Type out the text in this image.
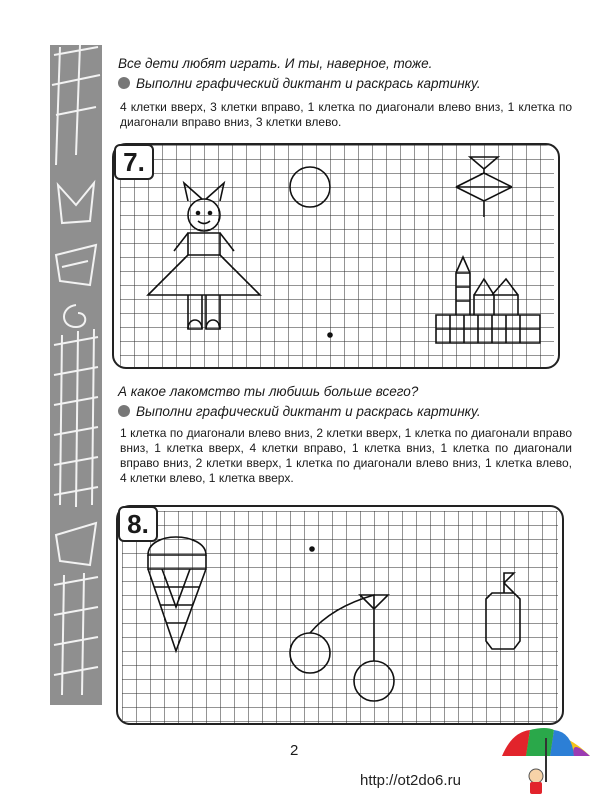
Все дети любят играть. И ты, наверное, тоже.
Выполни графический диктант и раскрась картинку.
4 клетки вверх, 3 клетки вправо, 1 клетка по диагонали влево вниз, 1 клетка по диагонали вправо вниз, 3 клетки влево.
7.
А какое лакомство ты любишь больше всего?
Выполни графический диктант и раскрась картинку.
1 клетка по диагонали влево вниз, 2 клетки вверх, 1 клетка по диагонали вправо вниз, 1 клетка вверх, 4 клетки вправо, 1 клетка вниз, 1 клетка по диагонали вправо вниз, 2 клетки вверх, 1 клетка по диагонали влево вниз, 1 клетка влево, 4 клетки влево, 1 клетка вверх.
8.
2
http://ot2do6.ru
